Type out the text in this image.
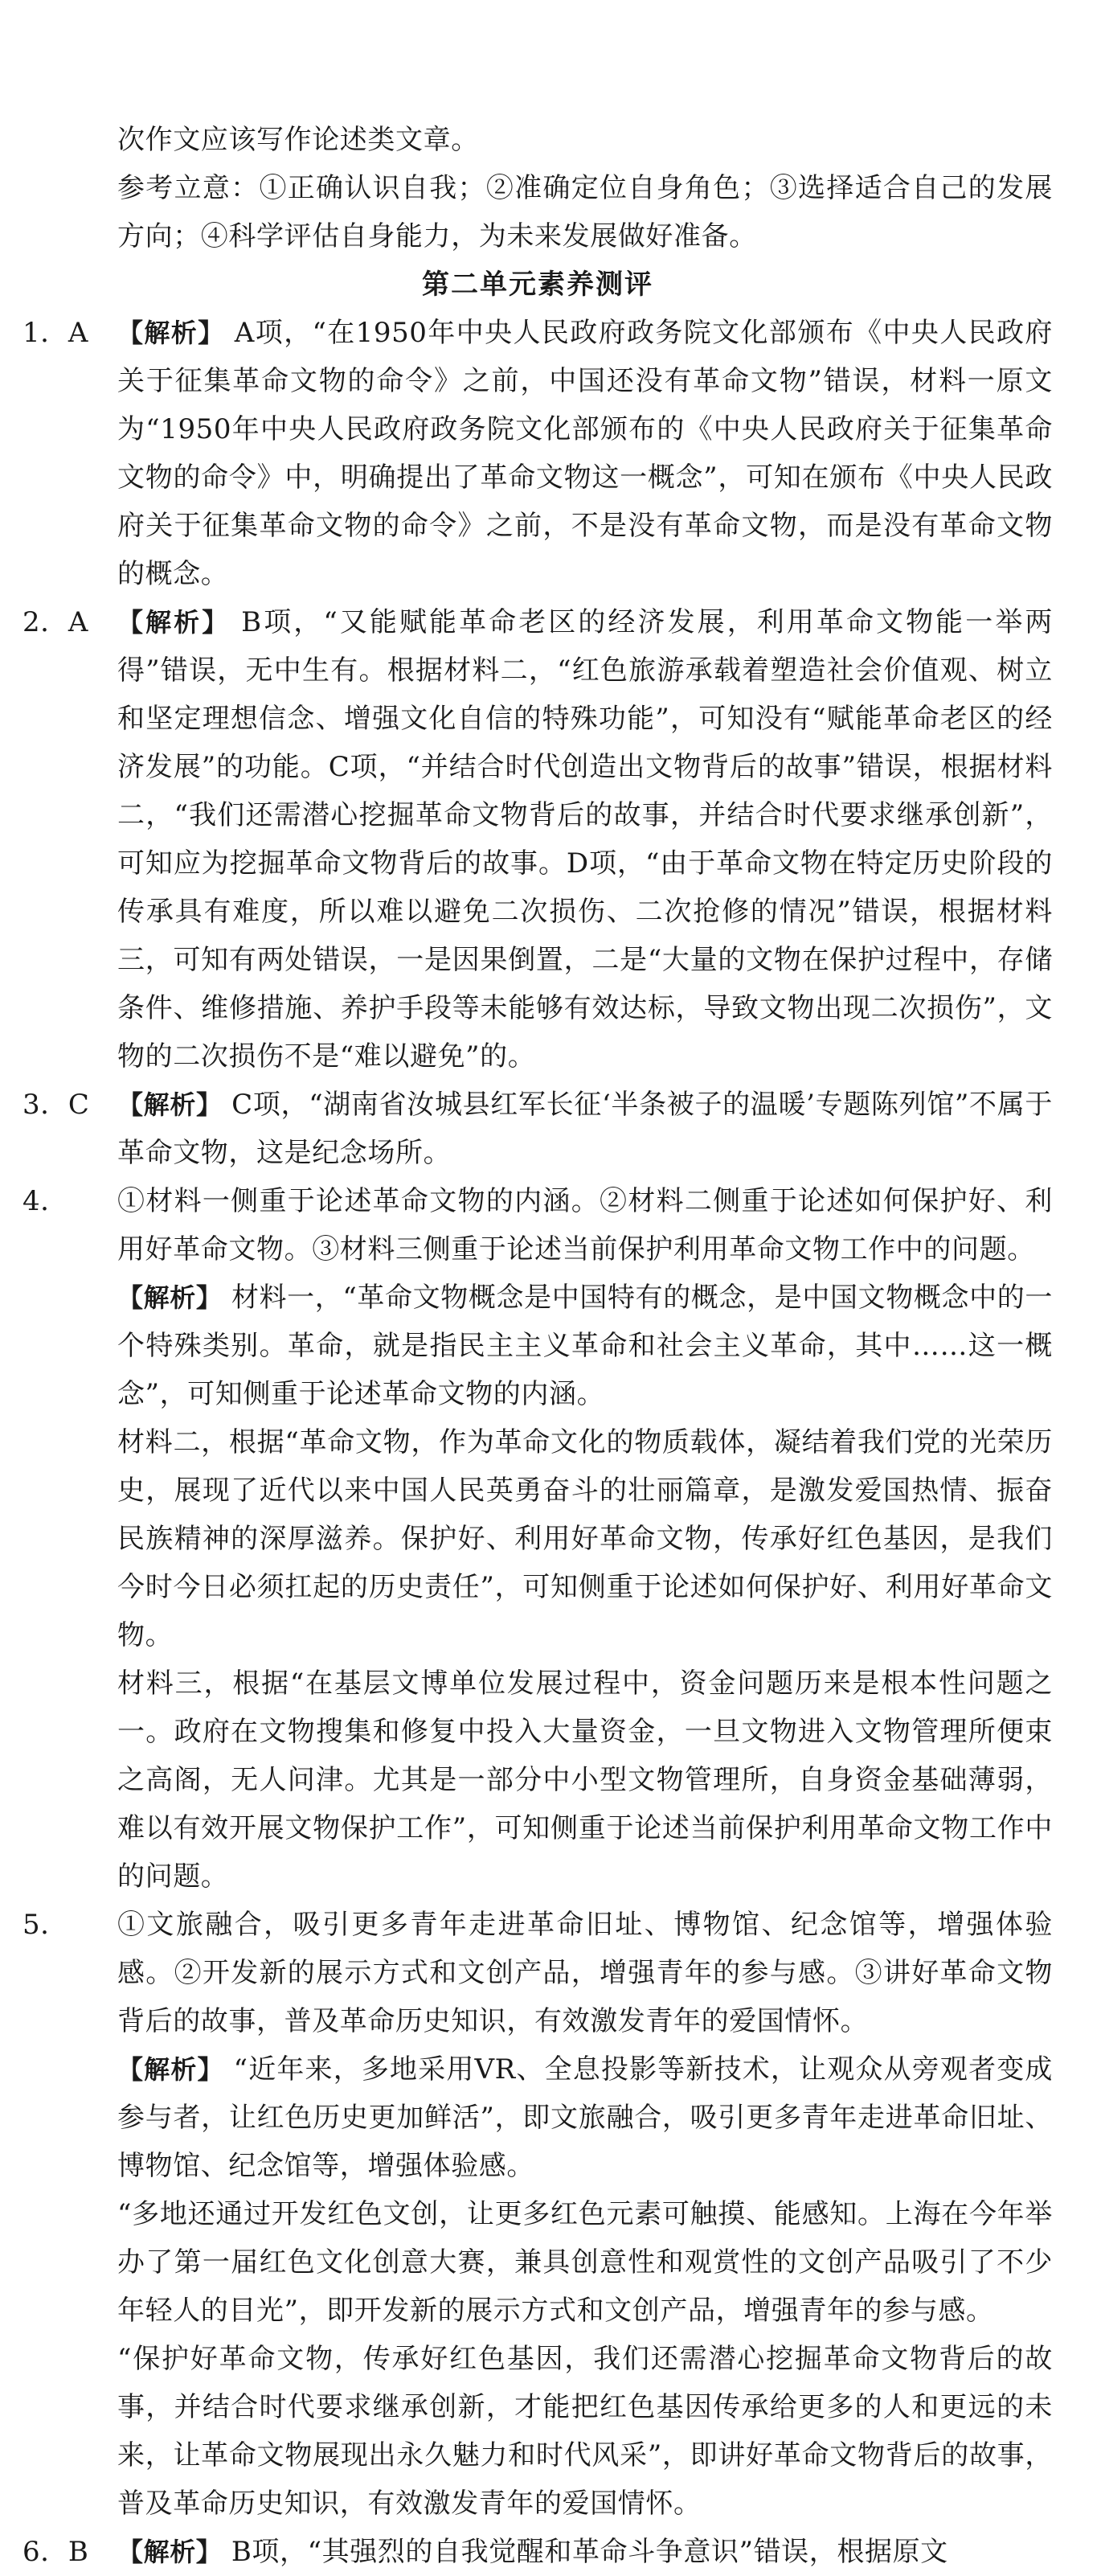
次作文应该写作论述类文章。
参考立意：①正确认识自我；②准确定位自身角色；③选择适合自己的发展方向；④科学评估自身能力，为未来发展做好准备。
第二单元素养测评
1．A	【解析】 A项，“在1950年中央人民政府政务院文化部颁布《中央人民政府关于征集革命文物的命令》之前，中国还没有革命文物”错误，材料一原文为“1950年中央人民政府政务院文化部颁布的《中央人民政府关于征集革命文物的命令》中，明确提出了革命文物这一概念”，可知在颁布《中央人民政府关于征集革命文物的命令》之前，不是没有革命文物，而是没有革命文物的概念。
2．A	【解析】 B项，“又能赋能革命老区的经济发展，利用革命文物能一举两得”错误，无中生有。根据材料二，“红色旅游承载着塑造社会价值观、树立和坚定理想信念、增强文化自信的特殊功能”，可知没有“赋能革命老区的经济发展”的功能。C项，“并结合时代创造出文物背后的故事”错误，根据材料二，“我们还需潜心挖掘革命文物背后的故事，并结合时代要求继承创新”，可知应为挖掘革命文物背后的故事。D项，“由于革命文物在特定历史阶段的传承具有难度，所以难以避免二次损伤、二次抢修的情况”错误，根据材料三，可知有两处错误，一是因果倒置，二是“大量的文物在保护过程中，存储条件、维修措施、养护手段等未能够有效达标，导致文物出现二次损伤”，文物的二次损伤不是“难以避免”的。
3．C	【解析】 C项，“湖南省汝城县红军长征‘半条被子的温暖’专题陈列馆”不属于革命文物，这是纪念场所。
4．	①材料一侧重于论述革命文物的内涵。②材料二侧重于论述如何保护好、利用好革命文物。③材料三侧重于论述当前保护利用革命文物工作中的问题。
【解析】 材料一，“革命文物概念是中国特有的概念，是中国文物概念中的一个特殊类别。革命，就是指民主主义革命和社会主义革命，其中……这一概念”，可知侧重于论述革命文物的内涵。
材料二，根据“革命文物，作为革命文化的物质载体，凝结着我们党的光荣历史，展现了近代以来中国人民英勇奋斗的壮丽篇章，是激发爱国热情、振奋民族精神的深厚滋养。保护好、利用好革命文物，传承好红色基因，是我们今时今日必须扛起的历史责任”，可知侧重于论述如何保护好、利用好革命文物。
材料三，根据“在基层文博单位发展过程中，资金问题历来是根本性问题之一。政府在文物搜集和修复中投入大量资金，一旦文物进入文物管理所便束之高阁，无人问津。尤其是一部分中小型文物管理所，自身资金基础薄弱，难以有效开展文物保护工作”，可知侧重于论述当前保护利用革命文物工作中的问题。
5．	①文旅融合，吸引更多青年走进革命旧址、博物馆、纪念馆等，增强体验感。②开发新的展示方式和文创产品，增强青年的参与感。③讲好革命文物背后的故事，普及革命历史知识，有效激发青年的爱国情怀。
【解析】 “近年来，多地采用VR、全息投影等新技术，让观众从旁观者变成参与者，让红色历史更加鲜活”，即文旅融合，吸引更多青年走进革命旧址、博物馆、纪念馆等，增强体验感。
“多地还通过开发红色文创，让更多红色元素可触摸、能感知。上海在今年举办了第一届红色文化创意大赛，兼具创意性和观赏性的文创产品吸引了不少年轻人的目光”，即开发新的展示方式和文创产品，增强青年的参与感。
“保护好革命文物，传承好红色基因，我们还需潜心挖掘革命文物背后的故事，并结合时代要求继承创新，才能把红色基因传承给更多的人和更远的未来，让革命文物展现出永久魅力和时代风采”，即讲好革命文物背后的故事，普及革命历史知识，有效激发青年的爱国情怀。
6．B	【解析】 B项，“其强烈的自我觉醒和革命斗争意识”错误，根据原文
